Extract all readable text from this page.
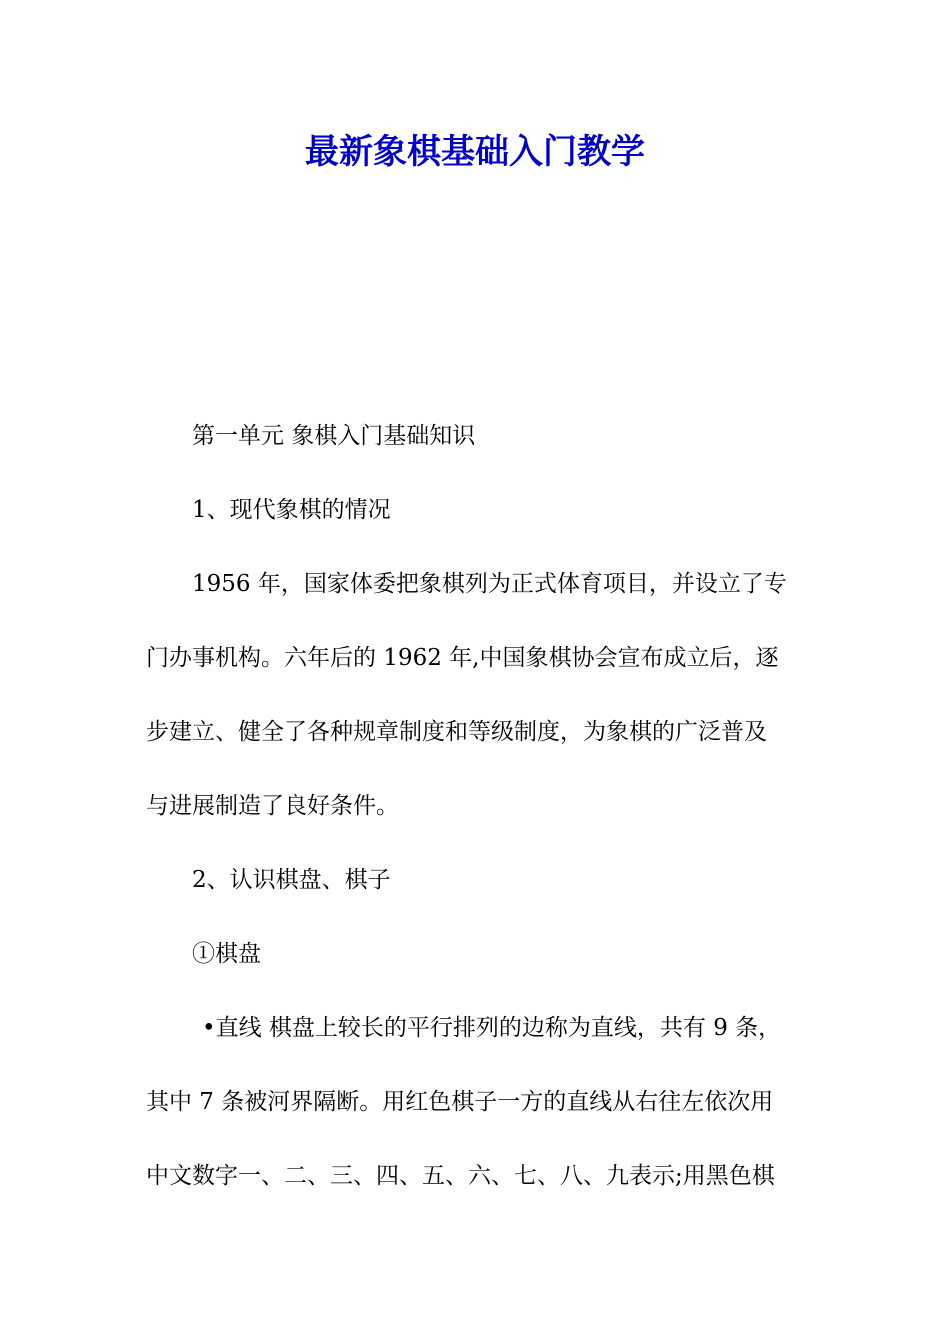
最新象棋基础入门教学

第一单元 象棋入门基础知识

1、现代象棋的情况

1956 年，国家体委把象棋列为正式体育项目，并设立了专

门办事机构。六年后的 1962 年,中国象棋协会宣布成立后，逐

步建立、健全了各种规章制度和等级制度，为象棋的广泛普及

与进展制造了良好条件。

2、认识棋盘、棋子

①棋盘

•直线 棋盘上较长的平行排列的边称为直线，共有 9 条，

其中 7 条被河界隔断。用红色棋子一方的直线从右往左依次用

中文数字一、二、三、四、五、六、七、八、九表示;用黑色棋
